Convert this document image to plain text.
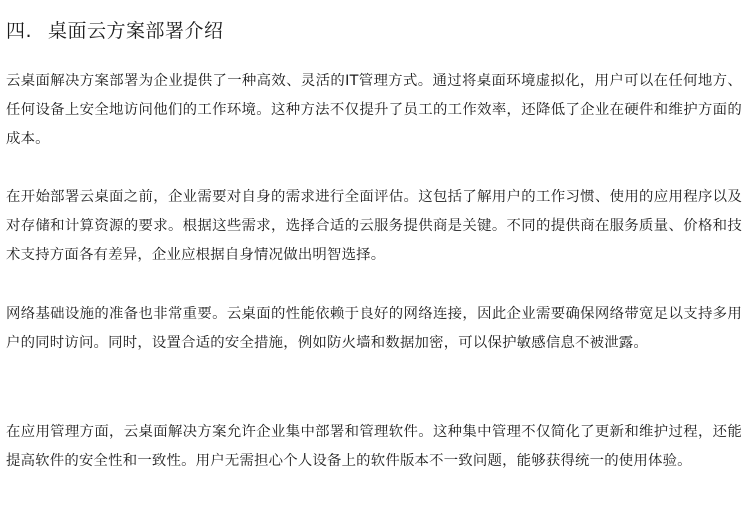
四. 桌面云方案部署介绍

云桌面解决方案部署为企业提供了一种高效、灵活的IT管理方式。通过将桌面环境虚拟化，用户可以在任何地方、任何设备上安全地访问他们的工作环境。这种方法不仅提升了员工的工作效率，还降低了企业在硬件和维护方面的成本。

在开始部署云桌面之前，企业需要对自身的需求进行全面评估。这包括了解用户的工作习惯、使用的应用程序以及对存储和计算资源的要求。根据这些需求，选择合适的云服务提供商是关键。不同的提供商在服务质量、价格和技术支持方面各有差异，企业应根据自身情况做出明智选择。

网络基础设施的准备也非常重要。云桌面的性能依赖于良好的网络连接，因此企业需要确保网络带宽足以支持多用户的同时访问。同时，设置合适的安全措施，例如防火墙和数据加密，可以保护敏感信息不被泄露。

在应用管理方面，云桌面解决方案允许企业集中部署和管理软件。这种集中管理不仅简化了更新和维护过程，还能提高软件的安全性和一致性。用户无需担心个人设备上的软件版本不一致问题，能够获得统一的使用体验。
